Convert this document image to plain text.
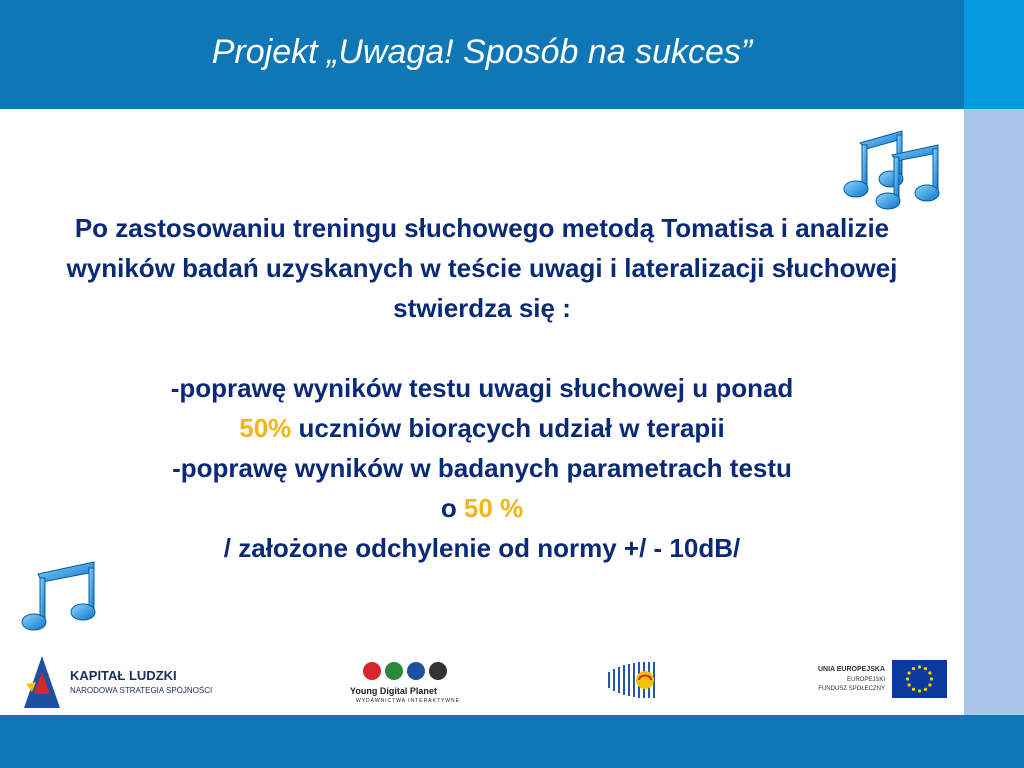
Projekt „Uwaga! Sposób na sukces”

Po zastosowaniu treningu słuchowego metodą Tomatisa i analizie wyników badań uzyskanych w teście uwagi i lateralizacji słuchowej stwierdza się :

-poprawę wyników testu uwagi słuchowej u ponad
50% uczniów biorących udział w terapii

-poprawę wyników w badanych parametrach testu
o 50 %

/ założone odchylenie od normy +/ - 10dB/

KAPITAŁ LUDZKI
NARODOWA STRATEGIA SPÓJNOŚCI	Young Digital Planet
WYDAWNICTWA INTERAKTYWNE
UNIA EUROPEJSKA
EUROPEJSKI
FUNDUSZ SPOŁECZNY
